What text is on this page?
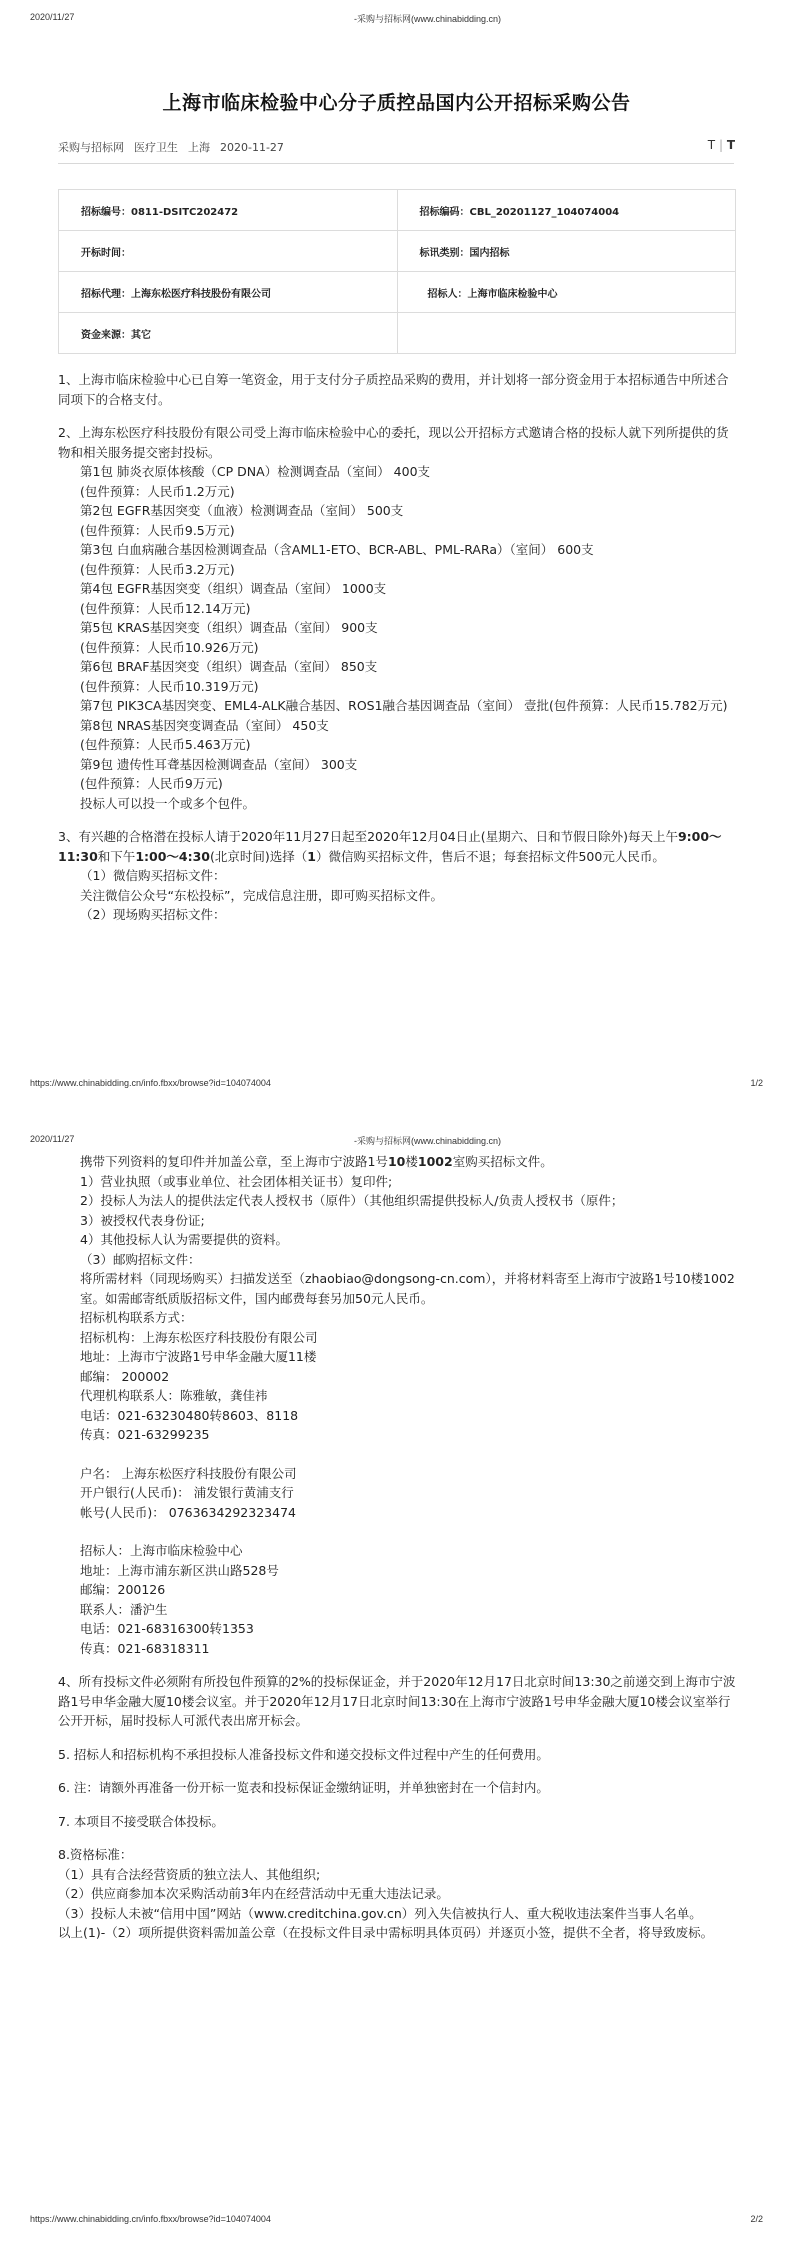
2020/11/27	-采购与招标网(www.chinabidding.cn)
上海市临床检验中心分子质控品国内公开招标采购公告
采购与招标网 医疗卫生 上海 2020-11-27	T | T
招标编号：0811-DSITC202472	招标编码：CBL_20201127_104074004
开标时间：	标讯类别：国内招标
招标代理：上海东松医疗科技股份有限公司	招标人：上海市临床检验中心
资金来源：其它	

1、上海市临床检验中心已自筹一笔资金，用于支付分子质控品采购的费用，并计划将一部分资金用于本招标通告中所述合同项下的合格支付。

2、上海东松医疗科技股份有限公司受上海市临床检验中心的委托，现以公开招标方式邀请合格的投标人就下列所提供的货物和相关服务提交密封投标。

第1包 肺炎衣原体核酸（CP DNA）检测调查品（室间） 400支
(包件预算：人民币1.2万元)
第2包 EGFR基因突变（血液）检测调查品（室间） 500支
(包件预算：人民币9.5万元)
第3包 白血病融合基因检测调查品（含AML1-ETO、BCR-ABL、PML-RARa）（室间） 600支
(包件预算：人民币3.2万元)
第4包 EGFR基因突变（组织）调查品（室间） 1000支
(包件预算：人民币12.14万元)
第5包 KRAS基因突变（组织）调查品（室间） 900支
(包件预算：人民币10.926万元)
第6包 BRAF基因突变（组织）调查品（室间） 850支
(包件预算：人民币10.319万元)
第7包 PIK3CA基因突变、EML4-ALK融合基因、ROS1融合基因调查品（室间） 壹批(包件预算：人民币15.782万元)
第8包 NRAS基因突变调查品（室间） 450支
(包件预算：人民币5.463万元)
第9包 遗传性耳聋基因检测调查品（室间） 300支
(包件预算：人民币9万元)
投标人可以投一个或多个包件。

3、有兴趣的合格潜在投标人请于2020年11月27日起至2020年12月04日止(星期六、日和节假日除外)每天上午9:00～11:30和下午1:00～4:30(北京时间)选择（1）微信购买招标文件，售后不退；每套招标文件500元人民币。

（1）微信购买招标文件：
关注微信公众号“东松投标”，完成信息注册，即可购买招标文件。
（2）现场购买招标文件：
https://www.chinabidding.cn/info.fbxx/browse?id=104074004	1/2
2020/11/27	-采购与招标网(www.chinabidding.cn)
携带下列资料的复印件并加盖公章，至上海市宁波路1号10楼1002室购买招标文件。
1）营业执照（或事业单位、社会团体相关证书）复印件;
2）投标人为法人的提供法定代表人授权书（原件）（其他组织需提供投标人/负责人授权书（原件；
3）被授权代表身份证;
4）其他投标人认为需要提供的资料。
（3）邮购招标文件：
将所需材料（同现场购买）扫描发送至（zhaobiao@dongsong-cn.com），并将材料寄至上海市宁波路1号10楼1002室。如需邮寄纸质版招标文件，国内邮费每套另加50元人民币。
招标机构联系方式：
招标机构：上海东松医疗科技股份有限公司
地址：上海市宁波路1号申华金融大厦11楼
邮编： 200002
代理机构联系人：陈雅敏，龚佳祎
电话：021-63230480转8603、8118
传真：021-63299235
户名： 上海东松医疗科技股份有限公司
开户银行(人民币)： 浦发银行黄浦支行
帐号(人民币)： 0763634292323474
招标人：上海市临床检验中心
地址：上海市浦东新区洪山路528号
邮编：200126
联系人：潘沪生
电话：021-68316300转1353
传真：021-68318311

4、所有投标文件必须附有所投包件预算的2%的投标保证金，并于2020年12月17日北京时间13:30之前递交到上海市宁波路1号申华金融大厦10楼会议室。并于2020年12月17日北京时间13:30在上海市宁波路1号申华金融大厦10楼会议室举行公开开标，届时投标人可派代表出席开标会。

5. 招标人和招标机构不承担投标人准备投标文件和递交投标文件过程中产生的任何费用。

6. 注：请额外再准备一份开标一览表和投标保证金缴纳证明，并单独密封在一个信封内。

7. 本项目不接受联合体投标。

8.资格标准：

（1）具有合法经营资质的独立法人、其他组织;
（2）供应商参加本次采购活动前3年内在经营活动中无重大违法记录。
（3）投标人未被“信用中国”网站（www.creditchina.gov.cn）列入失信被执行人、重大税收违法案件当事人名单。
以上(1)-（2）项所提供资料需加盖公章（在投标文件目录中需标明具体页码）并逐页小签，提供不全者，将导致废标。
https://www.chinabidding.cn/info.fbxx/browse?id=104074004	2/2
